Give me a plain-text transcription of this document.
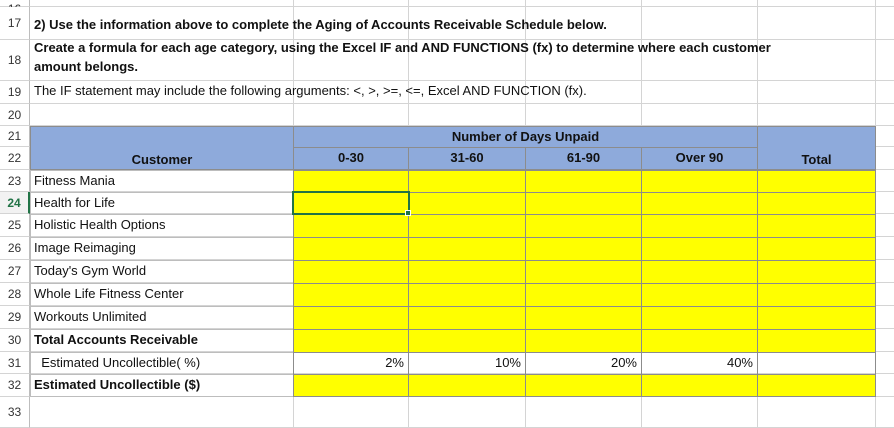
17
18
19
20
21
22
23
24
25
26
27
28
29
30
31
32
33
2) Use the information above to complete the Aging of Accounts Receivable Schedule below.
Create a formula for each age category, using the Excel IF and AND FUNCTIONS (fx) to determine where each customer
amount belongs.
The IF statement may include the following arguments: <, >, >=, <=, Excel AND FUNCTION (fx).
Number of Days Unpaid
Customer	0-30	31-60	61-90	Over 90	Total
Fitness Mania
Health for Life
Holistic Health Options
Image Reimaging
Today's Gym World
Whole Life Fitness Center
Workouts Unlimited
Total Accounts Receivable
Estimated Uncollectible( %)	2%	10%	20%	40%
Estimated Uncollectible ($)
